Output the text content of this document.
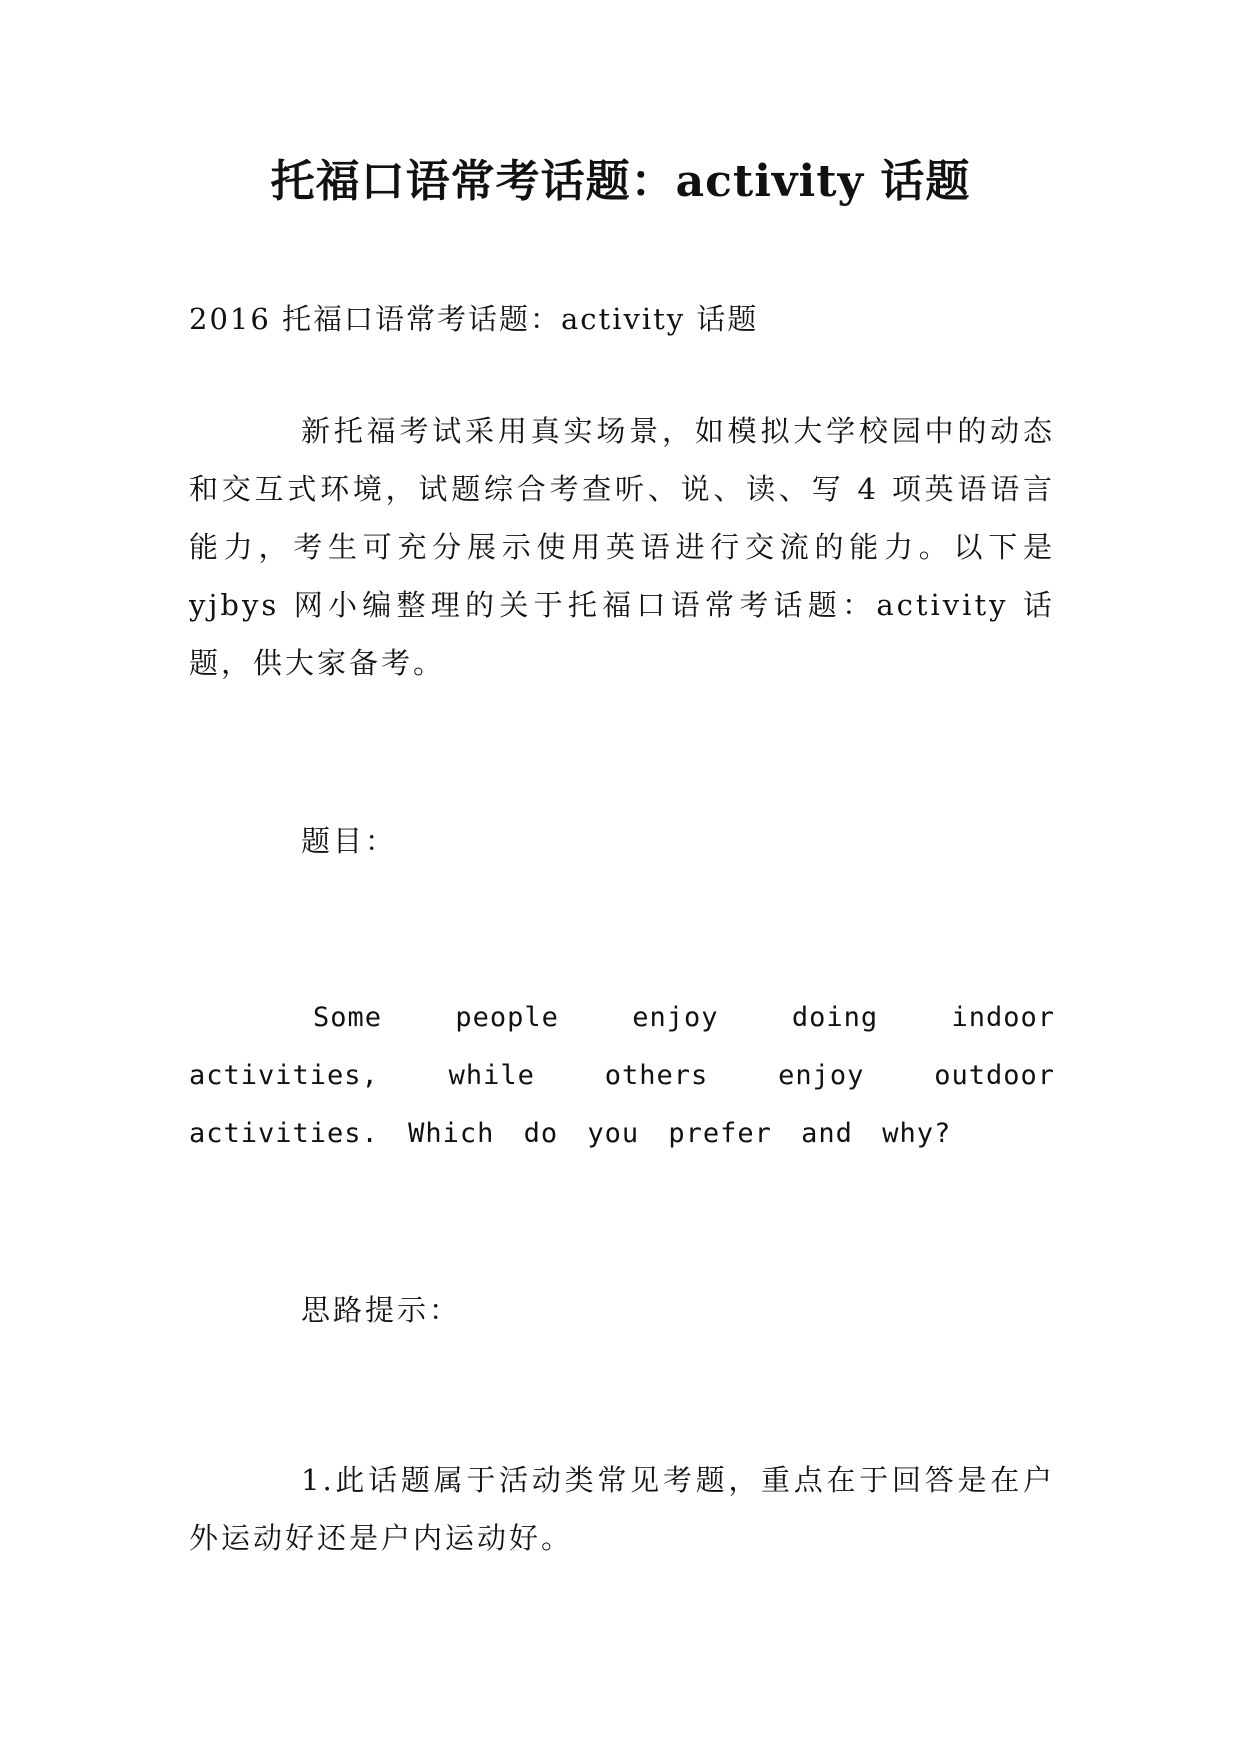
托福口语常考话题：activity 话题

2016 托福口语常考话题：activity 话题

新托福考试采用真实场景，如模拟大学校园中的动态和交互式环境，试题综合考查听、说、读、写 4 项英语语言能力，考生可充分展示使用英语进行交流的能力。以下是 yjbys 网小编整理的关于托福口语常考话题：activity 话题，供大家备考。

题目：

Some people enjoy doing indoor activities, while others enjoy outdoor activities. Which do you prefer and why?

思路提示：

1.此话题属于活动类常见考题，重点在于回答是在户外运动好还是户内运动好。
